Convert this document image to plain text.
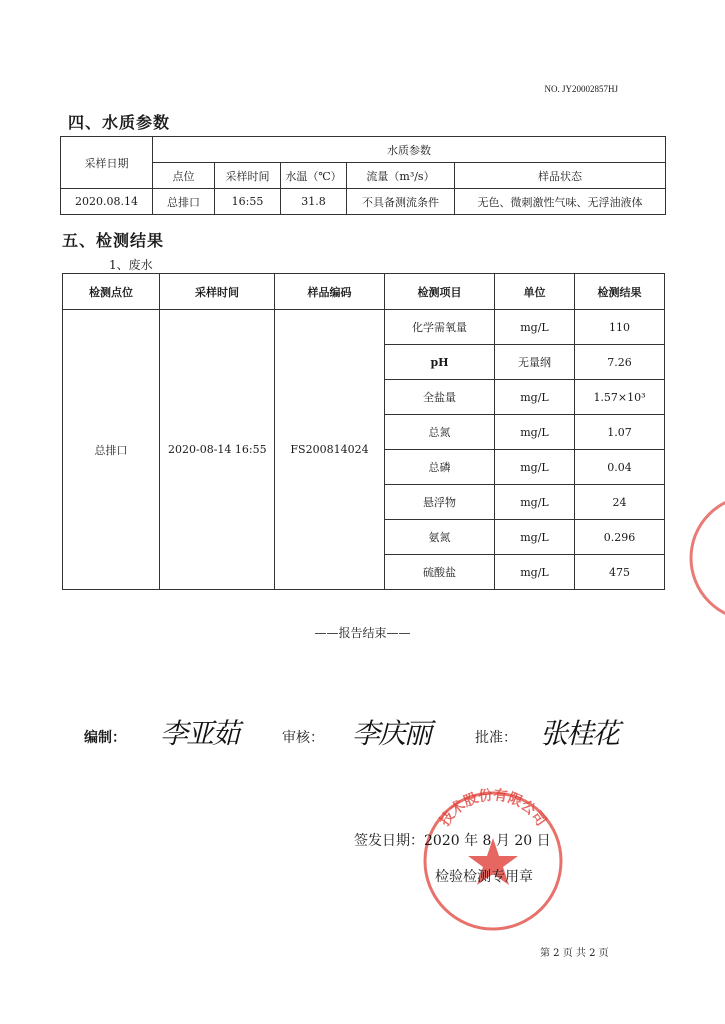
NO. JY20002857HJ
四、水质参数
采样日期	水质参数				
	点位	采样时间	水温（℃）	流量（m³/s）	样品状态
2020.08.14	总排口	16:55	31.8	不具备测流条件	无色、微刺激性气味、无浮油液体
五、检测结果
1、废水
检测点位	采样时间	样品编码	检测项目	单位	检测结果
总排口	2020-08-14 16:55	FS200814024	化学需氧量	mg/L	110
			pH	无量纲	7.26
			全盐量	mg/L	1.57×10³
			总氮	mg/L	1.07
			总磷	mg/L	0.04
			悬浮物	mg/L	24
			氨氮	mg/L	0.296
			硫酸盐	mg/L	475
——报告结束——
编制： 李亚茹	审核： 李庆丽	批准： 张桂花
技术股份有限公司
签发日期：2020 年 8 月 20 日
检验检测专用章
第 2 页 共 2 页
